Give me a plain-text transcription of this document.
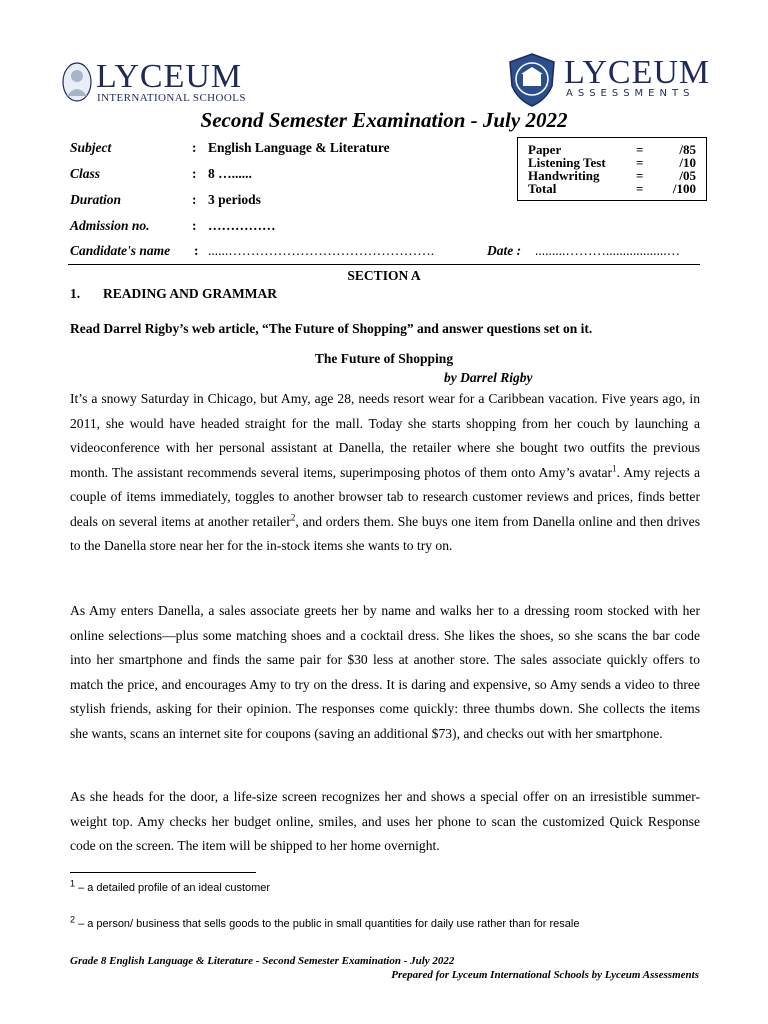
LYCEUM
INTERNATIONAL SCHOOLS
LYCEUM
ASSESSMENTS
Second Semester Examination - July 2022
Subject	: English Language & Literature
Class	: 8 …......
Duration	: 3 periods
Admission no.	: ……………
Candidate's name : ......……………………………………….	Date : .........………..................…
Paper	=	/85
Listening Test	=	/10
Handwriting	=	/05
Total	=	/100
SECTION A
1. READING AND GRAMMAR
Read Darrel Rigby’s web article, “The Future of Shopping” and answer questions set on it.
The Future of Shopping
by Darrel Rigby
It’s a snowy Saturday in Chicago, but Amy, age 28, needs resort wear for a Caribbean vacation. Five years ago, in 2011, she would have headed straight for the mall. Today she starts shopping from her couch by launching a videoconference with her personal assistant at Danella, the retailer where she bought two outfits the previous month. The assistant recommends several items, superimposing photos of them onto Amy’s avatar$^1$. Amy rejects a couple of items immediately, toggles to another browser tab to research customer reviews and prices, finds better deals on several items at another retailer$^2$, and orders them. She buys one item from Danella online and then drives to the Danella store near her for the in-stock items she wants to try on.
As Amy enters Danella, a sales associate greets her by name and walks her to a dressing room stocked with her online selections—plus some matching shoes and a cocktail dress. She likes the shoes, so she scans the bar code into her smartphone and finds the same pair for $30 less at another store. The sales associate quickly offers to match the price, and encourages Amy to try on the dress. It is daring and expensive, so Amy sends a video to three stylish friends, asking for their opinion. The responses come quickly: three thumbs down. She collects the items she wants, scans an internet site for coupons (saving an additional $73), and checks out with her smartphone.
As she heads for the door, a life-size screen recognizes her and shows a special offer on an irresistible summer-weight top. Amy checks her budget online, smiles, and uses her phone to scan the customized Quick Response code on the screen. The item will be shipped to her home overnight.
$^1$ – a detailed profile of an ideal customer
$^2$ – a person/ business that sells goods to the public in small quantities for daily use rather than for resale
Grade 8 English Language & Literature - Second Semester Examination - July 2022
Prepared for Lyceum International Schools by Lyceum Assessments
